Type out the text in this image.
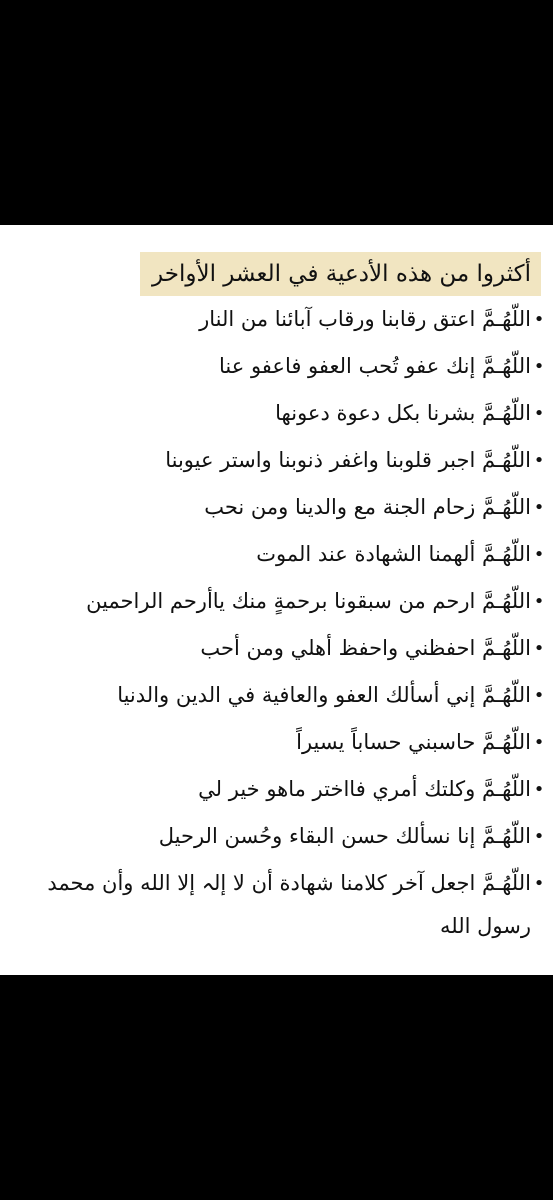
أكثروا من هذه الأدعية في العشر الأواخر
•
اللّهُـمَّ اعتق رقابنا ورقاب آبائنا من النار
•
اللّهُـمَّ إنك عفو تُحب العفو فاعفو عنا
•
اللّهُـمَّ بشرنا بكل دعوة دعونها
•
اللّهُـمَّ اجبر قلوبنا واغفر ذنوبنا واستر عيوبنا
•
اللّهُـمَّ زحام الجنة مع والدينا ومن نحب
•
اللّهُـمَّ ألهمنا الشهادة عند الموت
•
اللّهُـمَّ ارحم من سبقونا برحمةٍ منك ياأرحم الراحمين
•
اللّهُـمَّ احفظني واحفظ أهلي ومن أحب
•
اللّهُـمَّ إني أسألك العفو والعافية في الدين والدنيا
•
اللّهُـمَّ حاسبني حساباً يسيراً
•
اللّهُـمَّ وكلتك أمري فااختر ماهو خير لي
•
اللّهُـمَّ إنا نسألك حسن البقاء وحُسن الرحيل
•
اللّهُـمَّ اجعل آخر كلامنا شهادة أن لا إلہ إلا الله وأن محمد رسول الله
